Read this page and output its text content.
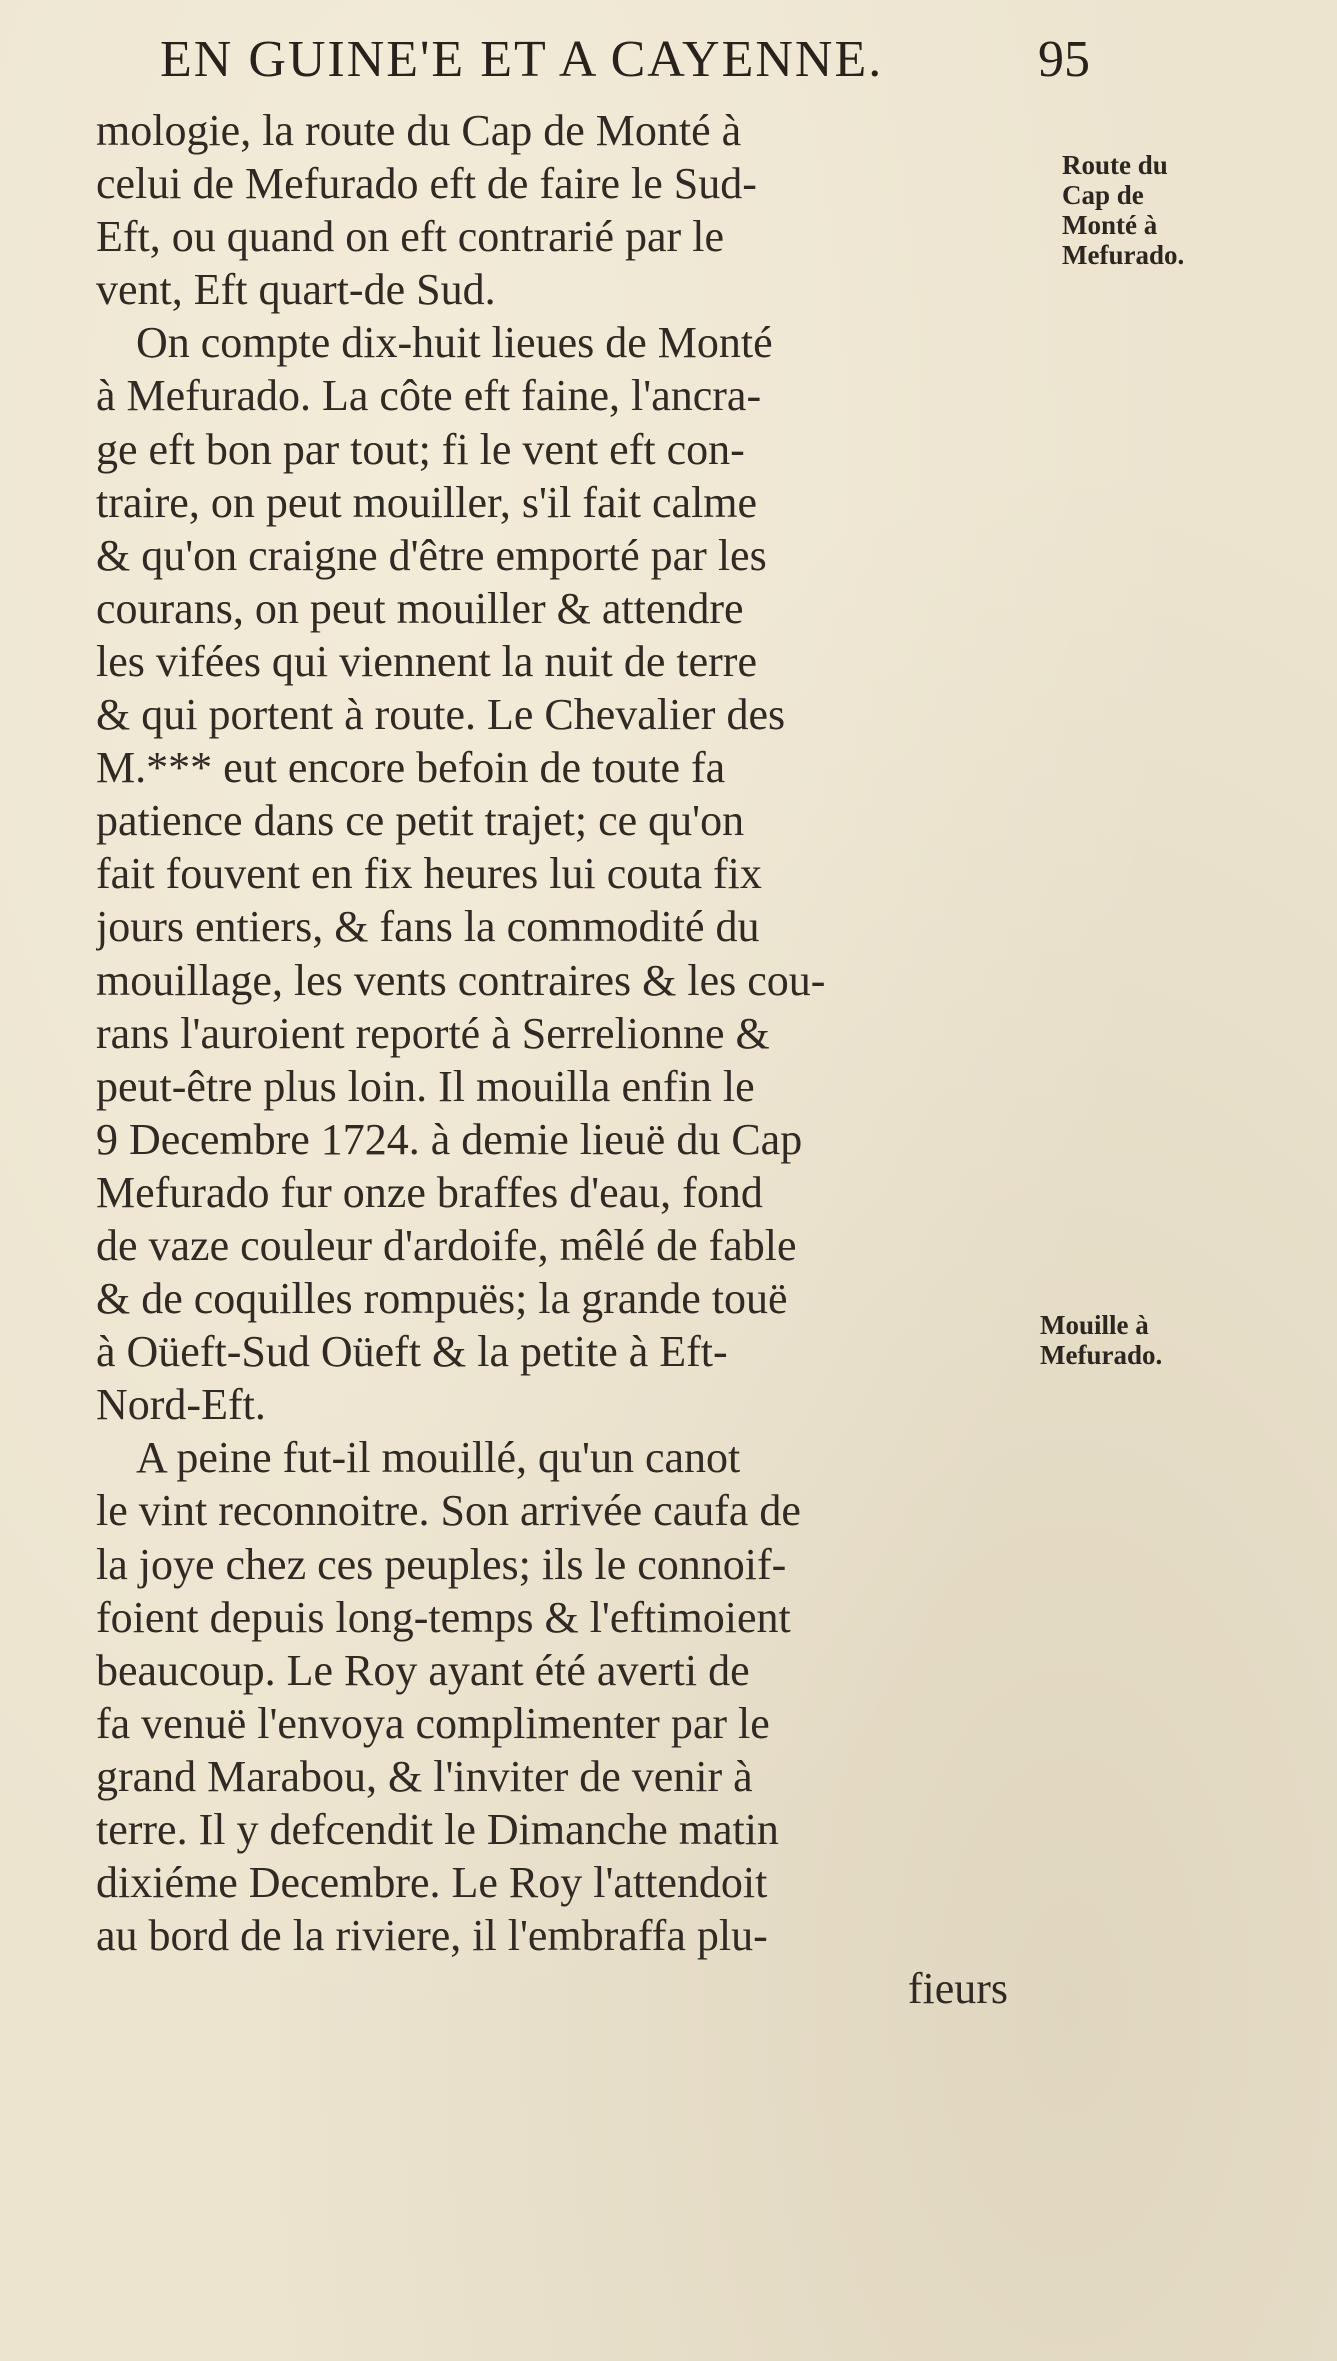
EN GUINE'E ET A CAYENNE.	95
mologie, la route du Cap de Monté à
celui de Mefurado eft de faire le Sud-
Eft, ou quand on eft contrarié par le
vent, Eft quart-de Sud.
On compte dix-huit lieues de Monté
à Mefurado. La côte eft faine, l'ancra-
ge eft bon par tout; fi le vent eft con-
traire, on peut mouiller, s'il fait calme
& qu'on craigne d'être emporté par les
courans, on peut mouiller & attendre
les vifées qui viennent la nuit de terre
& qui portent à route. Le Chevalier des
M.*** eut encore befoin de toute fa
patience dans ce petit trajet; ce qu'on
fait fouvent en fix heures lui couta fix
jours entiers, & fans la commodité du
mouillage, les vents contraires & les cou-
rans l'auroient reporté à Serrelionne &
peut-être plus loin. Il mouilla enfin le
9 Decembre 1724. à demie lieuë du Cap
Mefurado fur onze braffes d'eau, fond
de vaze couleur d'ardoife, mêlé de fable
& de coquilles rompuës; la grande touë
à Oüeft-Sud Oüeft & la petite à Eft-
Nord-Eft.
A peine fut-il mouillé, qu'un canot
le vint reconnoitre. Son arrivée caufa de
la joye chez ces peuples; ils le connoif-
foient depuis long-temps & l'eftimoient
beaucoup. Le Roy ayant été averti de
fa venuë l'envoya complimenter par le
grand Marabou, & l'inviter de venir à
terre. Il y defcendit le Dimanche matin
dixiéme Decembre. Le Roy l'attendoit
au bord de la riviere, il l'embraffa plu-
fieurs
Route du
Cap de
Monté à
Mefurado.
Mouille à
Mefurado.
